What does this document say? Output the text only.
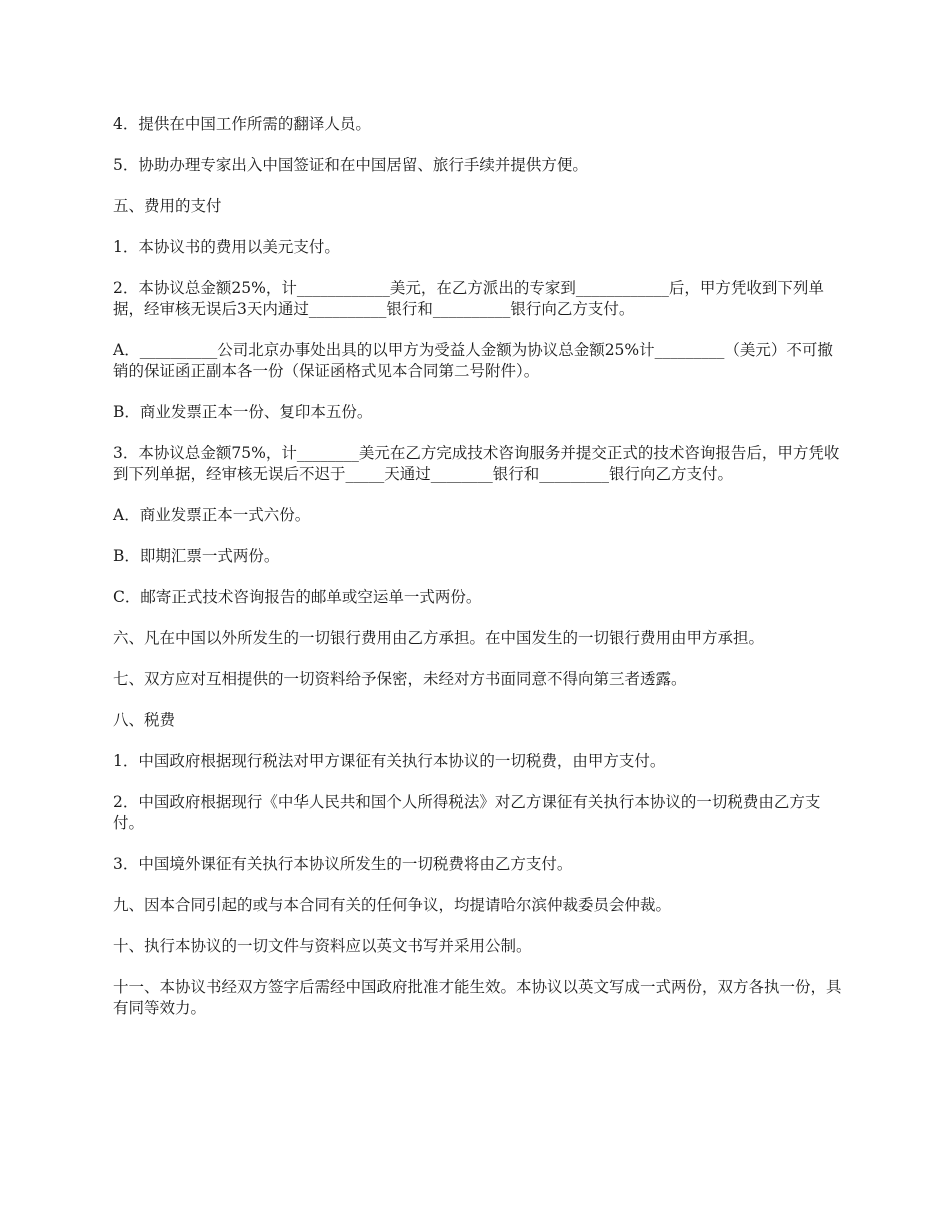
4．提供在中国工作所需的翻译人员。

5．协助办理专家出入中国签证和在中国居留、旅行手续并提供方便。

五、费用的支付

1．本协议书的费用以美元支付。

2．本协议总金额25%，计____________美元，在乙方派出的专家到____________后，甲方凭收到下列单据，经审核无误后3天内通过__________银行和__________银行向乙方支付。

A．__________公司北京办事处出具的以甲方为受益人金额为协议总金额25%计_________（美元）不可撤销的保证函正副本各一份（保证函格式见本合同第二号附件）。

B．商业发票正本一份、复印本五份。

3．本协议总金额75%，计________美元在乙方完成技术咨询服务并提交正式的技术咨询报告后，甲方凭收到下列单据，经审核无误后不迟于_____天通过________银行和_________银行向乙方支付。

A．商业发票正本一式六份。

B．即期汇票一式两份。

C．邮寄正式技术咨询报告的邮单或空运单一式两份。

六、凡在中国以外所发生的一切银行费用由乙方承担。在中国发生的一切银行费用由甲方承担。

七、双方应对互相提供的一切资料给予保密，未经对方书面同意不得向第三者透露。

八、税费

1．中国政府根据现行税法对甲方课征有关执行本协议的一切税费，由甲方支付。

2．中国政府根据现行《中华人民共和国个人所得税法》对乙方课征有关执行本协议的一切税费由乙方支付。

3．中国境外课征有关执行本协议所发生的一切税费将由乙方支付。

九、因本合同引起的或与本合同有关的任何争议，均提请哈尔滨仲裁委员会仲裁。

十、执行本协议的一切文件与资料应以英文书写并采用公制。

十一、本协议书经双方签字后需经中国政府批准才能生效。本协议以英文写成一式两份，双方各执一份，具有同等效力。
